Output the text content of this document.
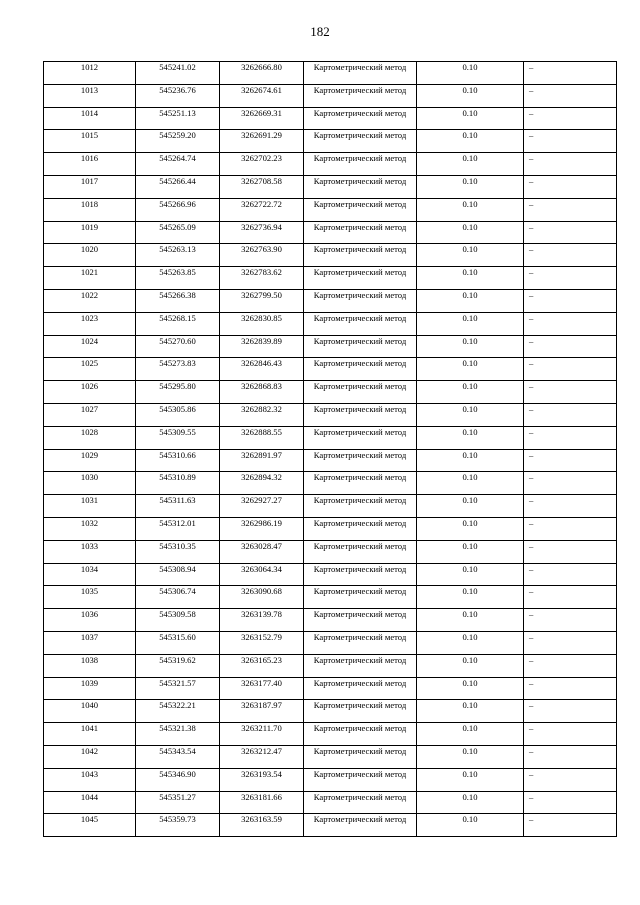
182
1012	545241.02	3262666.80	Картометрический метод	0.10	–
1013	545236.76	3262674.61	Картометрический метод	0.10	–
1014	545251.13	3262669.31	Картометрический метод	0.10	–
1015	545259.20	3262691.29	Картометрический метод	0.10	–
1016	545264.74	3262702.23	Картометрический метод	0.10	–
1017	545266.44	3262708.58	Картометрический метод	0.10	–
1018	545266.96	3262722.72	Картометрический метод	0.10	–
1019	545265.09	3262736.94	Картометрический метод	0.10	–
1020	545263.13	3262763.90	Картометрический метод	0.10	–
1021	545263.85	3262783.62	Картометрический метод	0.10	–
1022	545266.38	3262799.50	Картометрический метод	0.10	–
1023	545268.15	3262830.85	Картометрический метод	0.10	–
1024	545270.60	3262839.89	Картометрический метод	0.10	–
1025	545273.83	3262846.43	Картометрический метод	0.10	–
1026	545295.80	3262868.83	Картометрический метод	0.10	–
1027	545305.86	3262882.32	Картометрический метод	0.10	–
1028	545309.55	3262888.55	Картометрический метод	0.10	–
1029	545310.66	3262891.97	Картометрический метод	0.10	–
1030	545310.89	3262894.32	Картометрический метод	0.10	–
1031	545311.63	3262927.27	Картометрический метод	0.10	–
1032	545312.01	3262986.19	Картометрический метод	0.10	–
1033	545310.35	3263028.47	Картометрический метод	0.10	–
1034	545308.94	3263064.34	Картометрический метод	0.10	–
1035	545306.74	3263090.68	Картометрический метод	0.10	–
1036	545309.58	3263139.78	Картометрический метод	0.10	–
1037	545315.60	3263152.79	Картометрический метод	0.10	–
1038	545319.62	3263165.23	Картометрический метод	0.10	–
1039	545321.57	3263177.40	Картометрический метод	0.10	–
1040	545322.21	3263187.97	Картометрический метод	0.10	–
1041	545321.38	3263211.70	Картометрический метод	0.10	–
1042	545343.54	3263212.47	Картометрический метод	0.10	–
1043	545346.90	3263193.54	Картометрический метод	0.10	–
1044	545351.27	3263181.66	Картометрический метод	0.10	–
1045	545359.73	3263163.59	Картометрический метод	0.10	–
